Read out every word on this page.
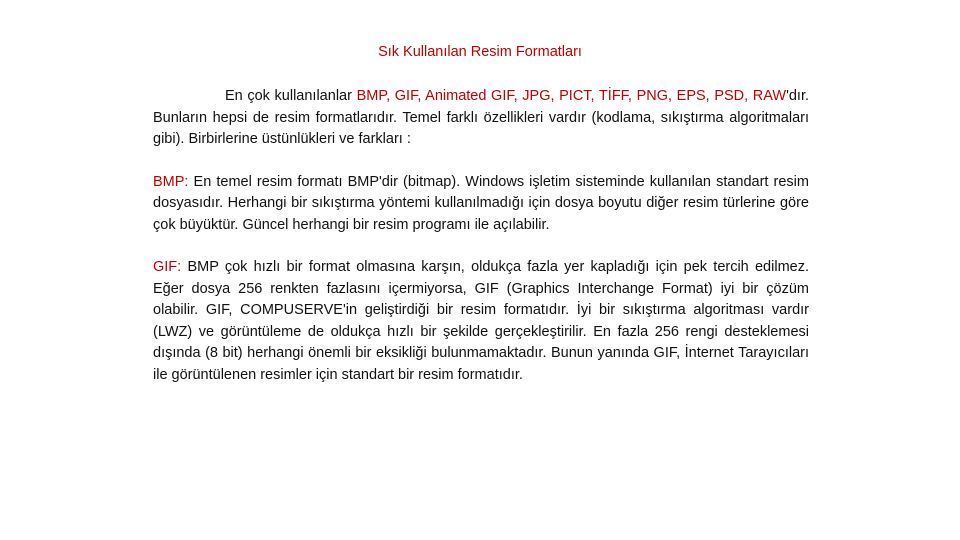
Sık Kullanılan Resim Formatları

En çok kullanılanlar BMP, GIF, Animated GIF, JPG, PICT, TİFF, PNG, EPS, PSD, RAW'dır. Bunların hepsi de resim formatlarıdır. Temel farklı özellikleri vardır (kodlama, sıkıştırma algoritmaları gibi). Birbirlerine üstünlükleri ve farkları :

BMP: En temel resim formatı BMP'dir (bitmap). Windows işletim sisteminde kullanılan standart resim dosyasıdır. Herhangi bir sıkıştırma yöntemi kullanılmadığı için dosya boyutu diğer resim türlerine göre çok büyüktür. Güncel herhangi bir resim programı ile açılabilir.

GIF: BMP çok hızlı bir format olmasına karşın, oldukça fazla yer kapladığı için pek tercih edilmez. Eğer dosya 256 renkten fazlasını içermiyorsa, GIF (Graphics Interchange Format) iyi bir çözüm olabilir. GIF, COMPUSERVE'in geliştirdiği bir resim formatıdır. İyi bir sıkıştırma algoritması vardır (LWZ) ve görüntüleme de oldukça hızlı bir şekilde gerçekleştirilir. En fazla 256 rengi desteklemesi dışında (8 bit) herhangi önemli bir eksikliği bulunmamaktadır. Bunun yanında GIF, İnternet Tarayıcıları ile görüntülenen resimler için standart bir resim formatıdır.
